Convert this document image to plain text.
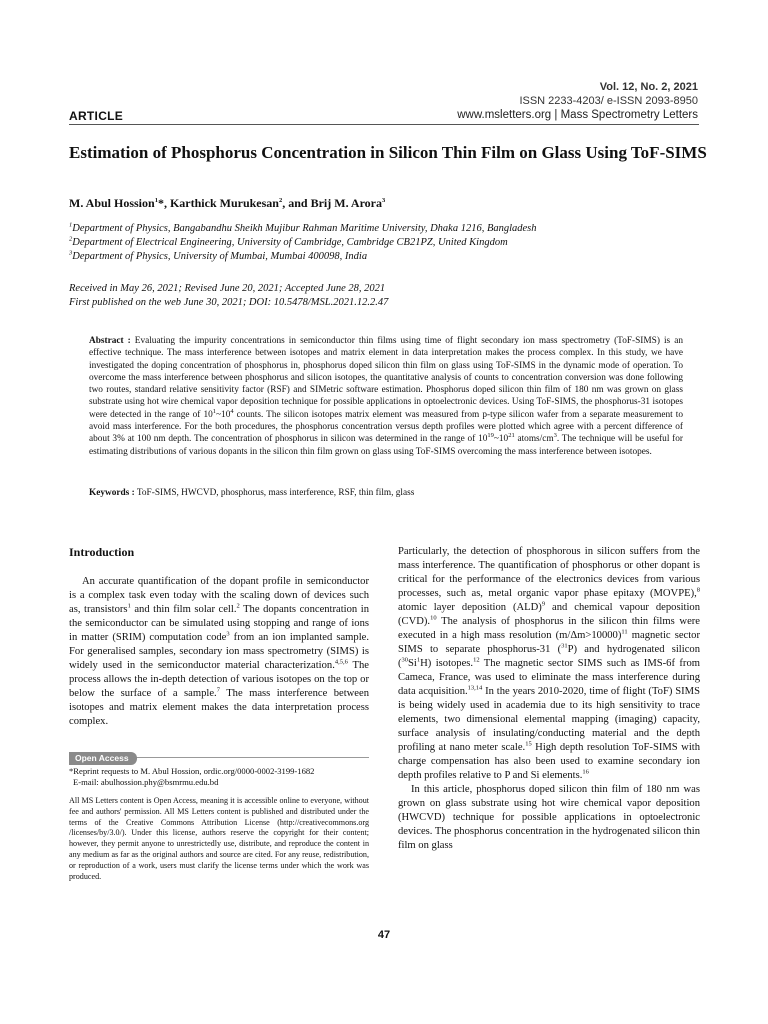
Vol. 12, No. 2, 2021
ISSN 2233-4203/ e-ISSN 2093-8950
ARTICLE	www.msletters.org | Mass Spectrometry Letters
Estimation of Phosphorus Concentration in Silicon Thin Film on Glass Using ToF-SIMS
M. Abul Hossion$^1$*, Karthick Murukesan$^2$, and Brij M. Arora$^3$
$^1$Department of Physics, Bangabandhu Sheikh Mujibur Rahman Maritime University, Dhaka 1216, Bangladesh
$^2$Department of Electrical Engineering, University of Cambridge, Cambridge CB21PZ, United Kingdom
$^3$Department of Physics, University of Mumbai, Mumbai 400098, India
Received in May 26, 2021; Revised June 20, 2021; Accepted June 28, 2021
First published on the web June 30, 2021; DOI: 10.5478/MSL.2021.12.2.47
Abstract : Evaluating the impurity concentrations in semiconductor thin films using time of flight secondary ion mass spectrometry (ToF-SIMS) is an effective technique. The mass interference between isotopes and matrix element in data interpretation makes the process complex. In this study, we have investigated the doping concentration of phosphorus in, phosphorus doped silicon thin film on glass using ToF-SIMS in the dynamic mode of operation. To overcome the mass interference between phosphorus and silicon isotopes, the quantitative analysis of counts to concentration conversion was done following two routes, standard relative sensitivity factor (RSF) and SIMetric software estimation. Phosphorus doped silicon thin film of 180 nm was grown on glass substrate using hot wire chemical vapor deposition technique for possible applications in optoelectronic devices. Using ToF-SIMS, the phosphorus-31 isotopes were detected in the range of $10^1\sim 10^4$ counts. The silicon isotopes matrix element was measured from p-type silicon wafer from a separate measurement to avoid mass interference. For the both procedures, the phosphorus concentration versus depth profiles were plotted which agree with a percent difference of about 3% at 100 nm depth. The concentration of phosphorus in silicon was determined in the range of $10^{19}\sim 10^{21}$ atoms/$cm^3$. The technique will be useful for estimating distributions of various dopants in the silicon thin film grown on glass using ToF-SIMS overcoming the mass interference between isotopes.
Keywords : ToF-SIMS, HWCVD, phosphorus, mass interference, RSF, thin film, glass
Introduction

An accurate quantification of the dopant profile in semiconductor is a complex task even today with the scaling down of devices such as, transistors$^1$ and thin film solar cell.$^2$ The dopants concentration in the semiconductor can be simulated using stopping and range of ions in matter (SRIM) computation code$^3$ from an ion implanted sample. For generalised samples, secondary ion mass spectrometry (SIMS) is widely used in the semiconductor material characterization.$^{4,5,6}$ The process allows the in-depth detection of various isotopes on the top or below the surface of a sample.$^7$ The mass interference between isotopes and matrix element makes the data interpretation process complex.

Open Access
*Reprint requests to M. Abul Hossion, ordic.org/0000-0002-3199-1682
E-mail: abulhossion.phy@bsmrmu.edu.bd
All MS Letters content is Open Access, meaning it is accessible online to everyone, without fee and authors' permission. All MS Letters content is published and distributed under the terms of the Creative Commons Attribution License (http://creativecommons.org /licenses/by/3.0/). Under this license, authors reserve the copyright for their content; however, they permit anyone to unrestrictedly use, distribute, and reproduce the content in any medium as far as the original authors and source are cited. For any reuse, redistribution, or reproduction of a work, users must clarify the license terms under which the work was produced.

Particularly, the detection of phosphorous in silicon suffers from the mass interference. The quantification of phosphorus or other dopant is critical for the performance of the electronics devices from various processes, such as, metal organic vapor phase epitaxy (MOVPE),$^8$ atomic layer deposition (ALD)$^9$ and chemical vapour deposition (CVD).$^{10}$ The analysis of phosphorus in the silicon thin films were executed in a high mass resolution (m/Δm>10000)$^{11}$ magnetic sector SIMS to separate phosphorus-31 ($^{31}$P) and hydrogenated silicon ($^{30}$Si$^1$H) isotopes.$^{12}$ The magnetic sector SIMS such as IMS-6f from Cameca, France, was used to eliminate the mass interference during data acquisition.$^{13,14}$ In the years 2010-2020, time of flight (ToF) SIMS is being widely used in academia due to its high sensitivity to trace elements, two dimensional elemental mapping (imaging) capacity, surface analysis of insulating/conducting material and the depth profiling at nano meter scale.$^{15}$ High depth resolution ToF-SIMS with charge compensation has also been used to examine secondary ion depth profiles relative to P and Si elements.$^{16}$

In this article, phosphorus doped silicon thin film of 180 nm was grown on glass substrate using hot wire chemical vapor deposition (HWCVD) technique for possible applications in optoelectronic devices. The phosphorus concentration in the hydrogenated silicon thin film on glass

47
